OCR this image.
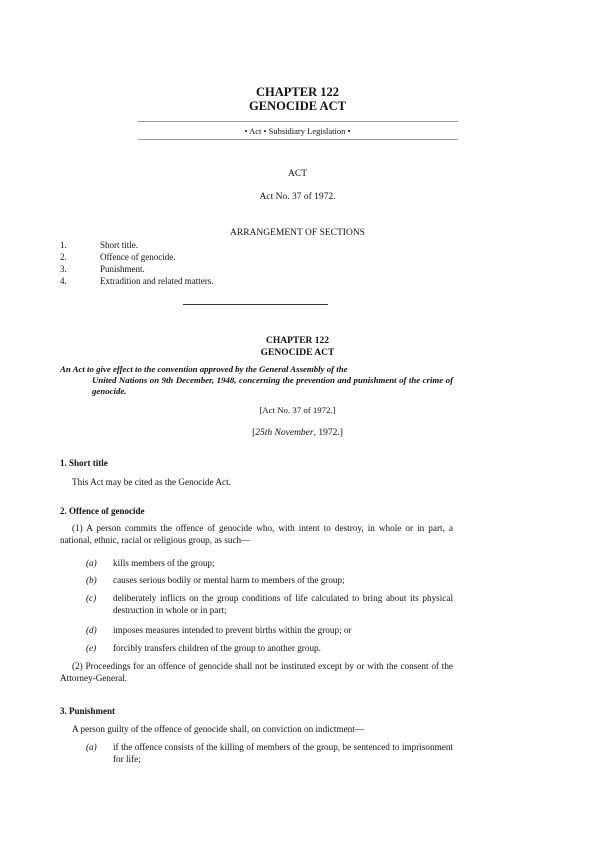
CHAPTER 122
GENOCIDE ACT
• Act • Subsidiary Legislation •
ACT
Act No. 37 of 1972.
ARRANGEMENT OF SECTIONS
1.	Short title.
2.	Offence of genocide.
3.	Punishment.
4.	Extradition and related matters.
CHAPTER 122
GENOCIDE ACT
An Act to give effect to the convention approved by the General Assembly of the
United Nations on 9th December, 1948, concerning the prevention and punishment of the crime of genocide.
[Act No. 37 of 1972.]
[25th November, 1972.]
1. Short title
This Act may be cited as the Genocide Act.
2. Offence of genocide
(1) A person commits the offence of genocide who, with intent to destroy, in whole or in part, a national, ethnic, racial or religious group, as such—
(a)	kills members of the group;
(b)	causes serious bodily or mental harm to members of the group;
(c)	deliberately inflicts on the group conditions of life calculated to bring about its physical destruction in whole or in part;
(d)	imposes measures intended to prevent births within the group; or
(e)	forcibly transfers children of the group to another group.
(2) Proceedings for an offence of genocide shall not be instituted except by or with the consent of the Attorney-General.
3. Punishment
A person guilty of the offence of genocide shall, on conviction on indictment—
(a)	if the offence consists of the killing of members of the group, be sentenced to imprisonment for life;
